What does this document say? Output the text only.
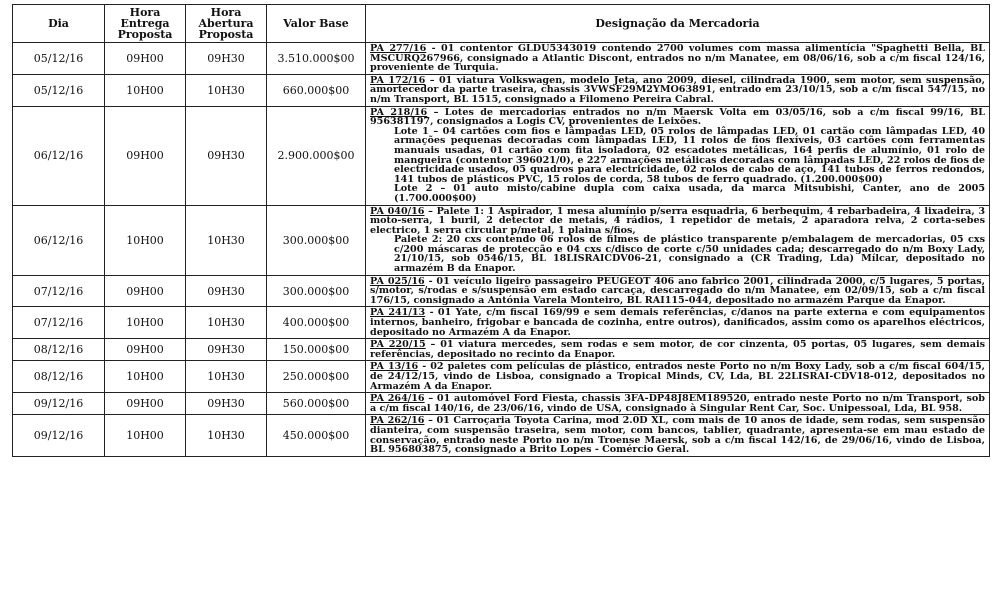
Dia	Hora Entrega Proposta	Hora Abertura Proposta	Valor Base	Designação da Mercadoria
05/12/16	09H00	09H30	3.510.000$00	PA 277/16 - 01 contentor GLDU5343019 contendo 2700 volumes com massa alimentícia "Spaghetti Bella, BL MSCURQ267966, consignado a Atlantic Discont, entrados no n/m Manatee, em 08/06/16, sob a c/m fiscal 124/16, proveniente de Turquia.
05/12/16	10H00	10H30	660.000$00	PA 172/16 – 01 viatura Volkswagen, modelo Jeta, ano 2009, diesel, cilindrada 1900, sem motor, sem suspensão, amortecedor da parte traseira, chassis 3VWSF29M2YMO63891, entrado em 23/10/15, sob a c/m fiscal 547/15, no n/m Transport, BL 1515, consignado a Filomeno Pereira Cabral.
06/12/16	09H00	09H30	2.900.000$00	PA 218/16 – Lotes de mercadorias entrados no n/m Maersk Volta em 03/05/16, sob a c/m fiscal 99/16, BL 956381197, consignados a Logis CV, provenientes de Leixões.
Lote 1 – 04 cartões com fios e lâmpadas LED, 05 rolos de lâmpadas LED, 01 cartão com lâmpadas LED, 40 armações pequenas decoradas com lâmpadas LED, 11 rolos de fios flexíveis, 03 cartões com ferramentas manuais usadas, 01 cartão com fita isoladora, 02 escadotes metálicas, 164 perfis de alumínio, 01 rolo de mangueira (contentor 396021/0), e 227 armações metálicas decoradas com lâmpadas LED, 22 rolos de fios de electricidade usados, 05 quadros para electricidade, 02 rolos de cabo de aço, 141 tubos de ferros redondos, 141 tubos de plásticos PVC, 15 rolos de corda, 58 tubos de ferro quadrado. (1.200.000$00)
Lote 2 – 01 auto misto/cabine dupla com caixa usada, da marca Mitsubishi, Canter, ano de 2005 (1.700.000$00)

06/12/16	10H00	10H30	300.000$00	PA 040/16 – Palete 1: 1 Aspirador, 1 mesa alumínio p/serra esquadria, 6 berbequim, 4 rebarbadeira, 4 lixadeira, 3 moto-serra, 1 buril, 2 detector de metais, 4 rádios, 1 repetidor de metais, 2 aparadora relva, 2 corta-sebes electrico, 1 serra circular p/metal, 1 plaina s/fios,
Palete 2: 20 cxs contendo 06 rolos de filmes de plástico transparente p/embalagem de mercadorias, 05 cxs c/200 máscaras de protecção e 04 cxs c/disco de corte c/50 unidades cada; descarregado do n/m Boxy Lady, 21/10/15, sob 0546/15, BL 18LISRAICDV06-21, consignado a (CR Trading, Lda) Mílcar, depositado no armazém B da Enapor.

07/12/16	09H00	09H30	300.000$00	PA 025/16 - 01 veículo ligeiro passageiro PEUGEOT 406 ano fabrico 2001, cilindrada 2000, c/5 lugares, 5 portas, s/motor, s/rodas e s/suspensão em estado carcaça, descarregado do n/m Manatee, em 02/09/15, sob a c/m fiscal 176/15, consignado a Antónia Varela Monteiro, BL RAI115-044, depositado no armazém Parque da Enapor.
07/12/16	10H00	10H30	400.000$00	PA 241/13 - 01 Yate, c/m fiscal 169/99 e sem demais referências, c/danos na parte externa e com equipamentos internos, banheiro, frigobar e bancada de cozinha, entre outros), danificados, assim como os aparelhos eléctricos, depositado no Armazém A da Enapor.
08/12/16	09H00	09H30	150.000$00	PA 220/15 – 01 viatura mercedes, sem rodas e sem motor, de cor cinzenta, 05 portas, 05 lugares, sem demais referências, depositado no recinto da Enapor.
08/12/16	10H00	10H30	250.000$00	PA 13/16 - 02 paletes com películas de plástico, entrados neste Porto no n/m Boxy Lady, sob a c/m fiscal 604/15, de 24/12/15, vindo de Lisboa, consignado a Tropical Minds, CV, Lda, BL 22LISRAI-CDV18-012, depositados no Armazém A da Enapor.
09/12/16	09H00	09H30	560.000$00	PA 264/16 – 01 automóvel Ford Fiesta, chassis 3FA-DP48J8EM189520, entrado neste Porto no n/m Transport, sob a c/m fiscal 140/16, de 23/06/16, vindo de USA, consignado à Singular Rent Car, Soc. Unipessoal, Lda, BL 958.
09/12/16	10H00	10H30	450.000$00	PA 262/16 – 01 Carroçaria Toyota Carina, mod 2.0D XL, com mais de 10 anos de idade, sem rodas, sem suspensão dianteira, com suspensão traseira, sem motor, com bancos, tablier, quadrante, apresenta-se em mau estado de conservação, entrado neste Porto no n/m Troense Maersk, sob a c/m fiscal 142/16, de 29/06/16, vindo de Lisboa, BL 956803875, consignado a Brito Lopes - Comércio Geral.
